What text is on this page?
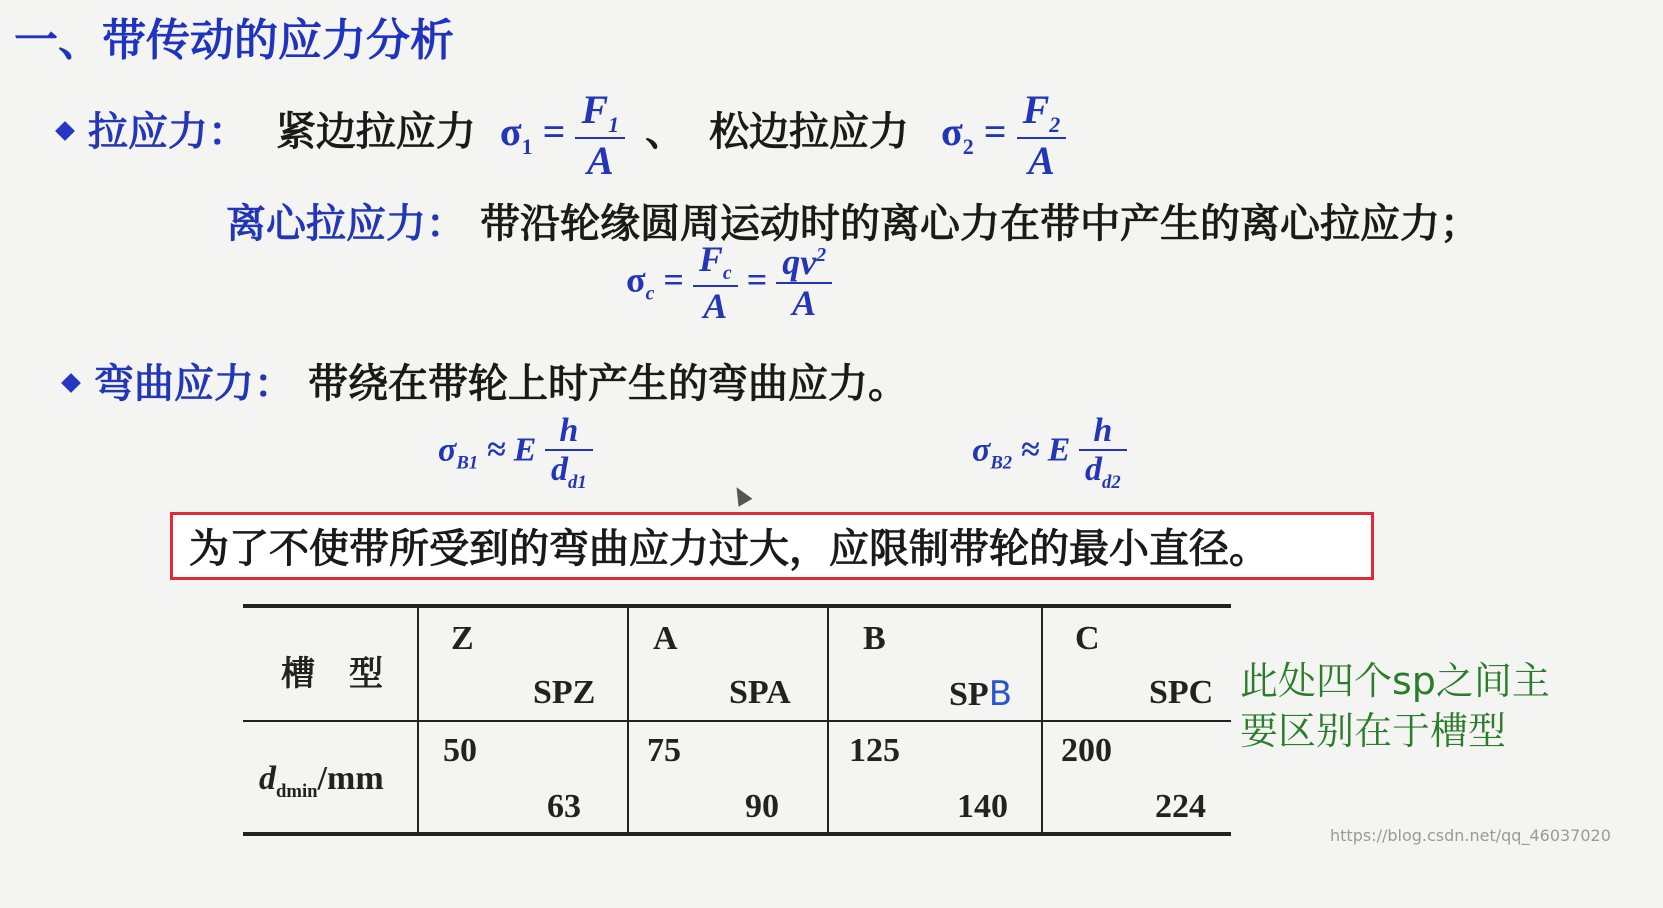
一、带传动的应力分析
拉应力： 紧边拉应力 $\sigma_1 = \frac{F_1}{A}$ 、 松边拉应力 $\sigma_2 = \frac{F_2}{A}$
离心拉应力： 带沿轮缘圆周运动时的离心力在带中产生的离心拉应力；
$\sigma_c = \frac{F_c}{A} = \frac{qv^2}{A}$
弯曲应力： 带绕在带轮上时产生的弯曲应力。
$\sigma_{B1} \approx E \frac{h}{d_{d1}}$	$\sigma_{B2} \approx E \frac{h}{d_{d2}}$
为了不使带所受到的弯曲应力过大，应限制带轮的最小直径。
槽　型
$d_{dmin}/mm$
Z
SPZ
50
63
A
SPA
75
90
B
SPB
125
140
C
SPC
200
224
此处四个sp之间主
要区别在于槽型
https://blog.csdn.net/qq_46037020
